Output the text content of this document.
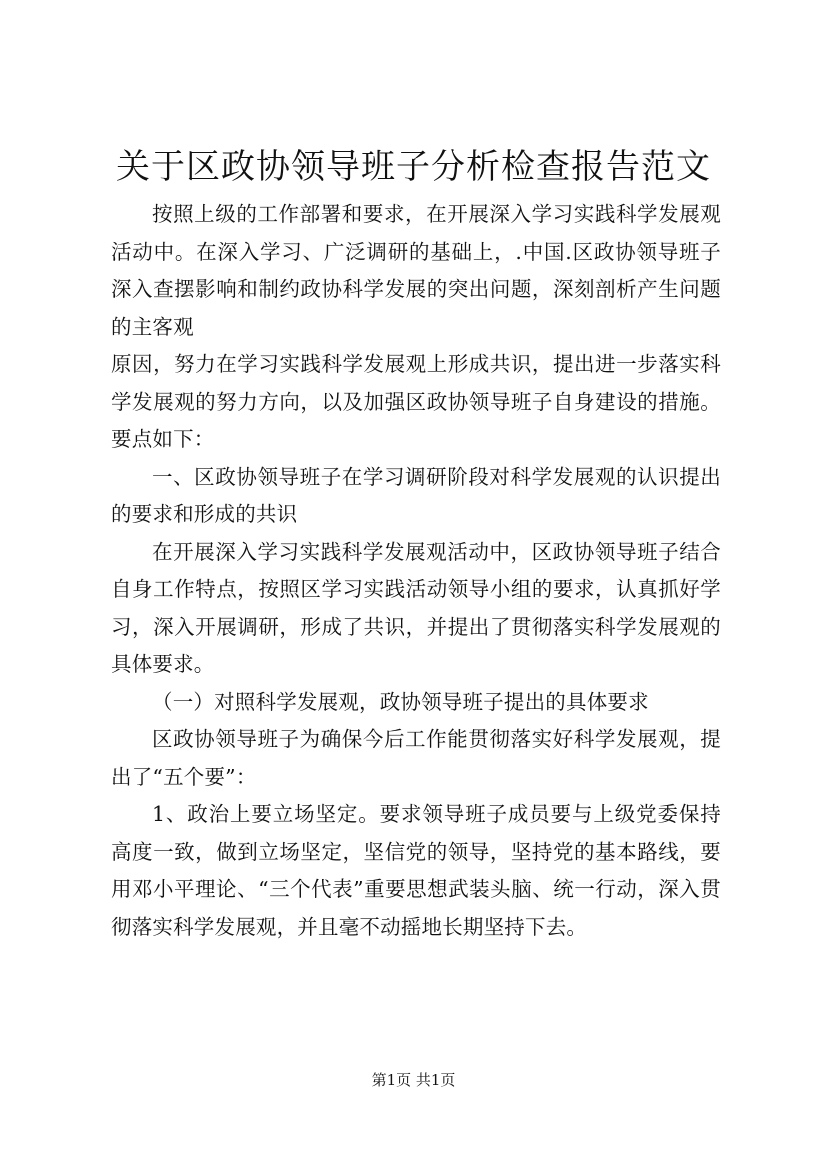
关于区政协领导班子分析检查报告范文

按照上级的工作部署和要求，在开展深入学习实践科学发展观活动中。在深入学习、广泛调研的基础上，.中国.区政协领导班子深入查摆影响和制约政协科学发展的突出问题，深刻剖析产生问题的主客观

原因，努力在学习实践科学发展观上形成共识，提出进一步落实科学发展观的努力方向，以及加强区政协领导班子自身建设的措施。要点如下：

一、区政协领导班子在学习调研阶段对科学发展观的认识提出的要求和形成的共识

在开展深入学习实践科学发展观活动中，区政协领导班子结合自身工作特点，按照区学习实践活动领导小组的要求，认真抓好学习，深入开展调研，形成了共识，并提出了贯彻落实科学发展观的具体要求。

（一）对照科学发展观，政协领导班子提出的具体要求

区政协领导班子为确保今后工作能贯彻落实好科学发展观，提出了“五个要”：

1、政治上要立场坚定。要求领导班子成员要与上级党委保持高度一致，做到立场坚定，坚信党的领导，坚持党的基本路线，要用邓小平理论、“三个代表”重要思想武装头脑、统一行动，深入贯彻落实科学发展观，并且毫不动摇地长期坚持下去。

第1页 共1页
